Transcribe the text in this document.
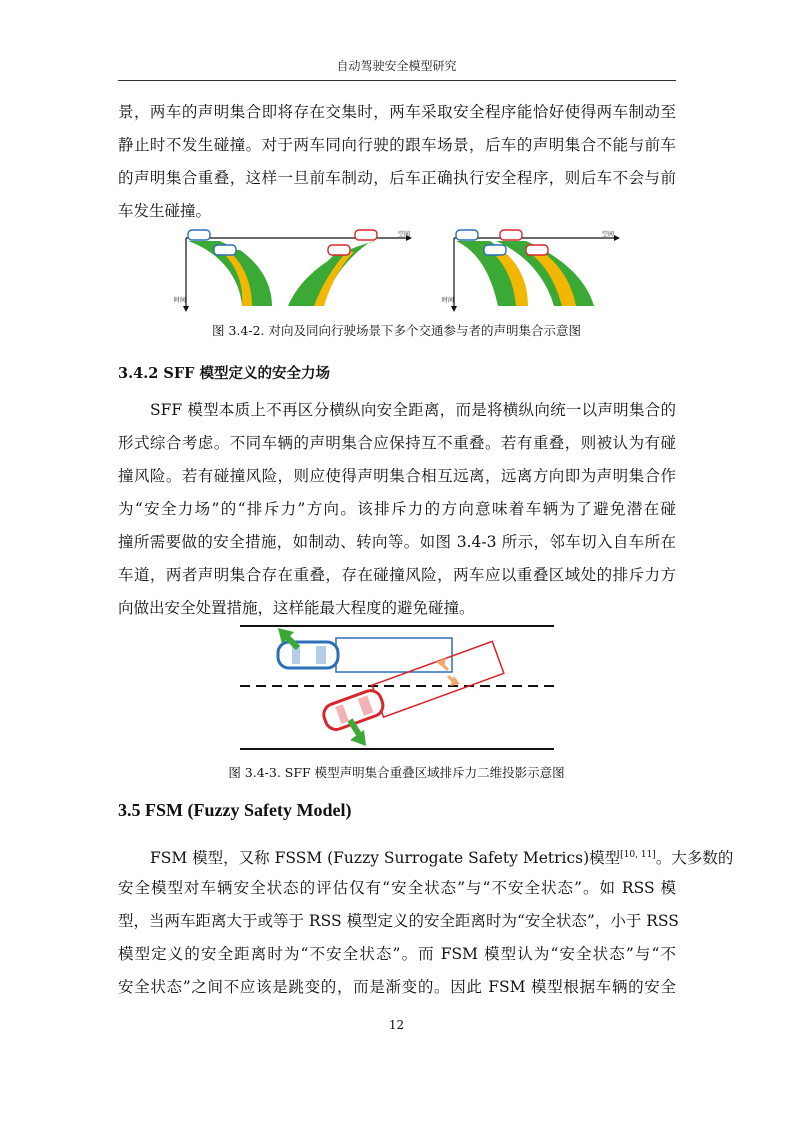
自动驾驶安全模型研究
景，两车的声明集合即将存在交集时，两车采取安全程序能恰好使得两车制动至
静止时不发生碰撞。对于两车同向行驶的跟车场景，后车的声明集合不能与前车
的声明集合重叠，这样一旦前车制动，后车正确执行安全程序，则后车不会与前
车发生碰撞。
空间
时间
空间
时间
图 3.4-2. 对向及同向行驶场景下多个交通参与者的声明集合示意图
3.4.2 SFF 模型定义的安全力场
SFF 模型本质上不再区分横纵向安全距离，而是将横纵向统一以声明集合的
形式综合考虑。不同车辆的声明集合应保持互不重叠。若有重叠，则被认为有碰
撞风险。若有碰撞风险，则应使得声明集合相互远离，远离方向即为声明集合作
为“安全力场”的“排斥力”方向。该排斥力的方向意味着车辆为了避免潜在碰
撞所需要做的安全措施，如制动、转向等。如图 3.4-3 所示，邻车切入自车所在
车道，两者声明集合存在重叠，存在碰撞风险，两车应以重叠区域处的排斥力方
向做出安全处置措施，这样能最大程度的避免碰撞。
图 3.4-3. SFF 模型声明集合重叠区域排斥力二维投影示意图
3.5 FSM (Fuzzy Safety Model)
FSM 模型，又称 FSSM (Fuzzy Surrogate Safety Metrics)模型[10, 11]。大多数的
安全模型对车辆安全状态的评估仅有“安全状态”与“不安全状态”。如 RSS 模
型，当两车距离大于或等于 RSS 模型定义的安全距离时为“安全状态”，小于 RSS
模型定义的安全距离时为“不安全状态”。而 FSM 模型认为“安全状态”与“不
安全状态”之间不应该是跳变的，而是渐变的。因此 FSM 模型根据车辆的安全
12
